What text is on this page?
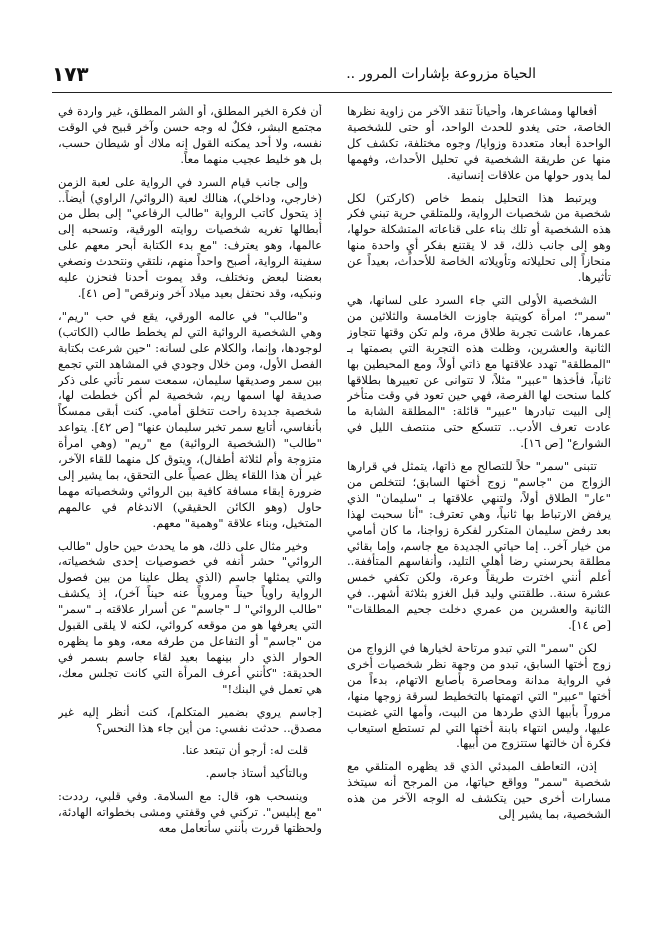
١٧٣	الحياة مزروعة بإشارات المرور ..

أفعالها ومشاعرها، وأحياناً تنقد الآخر من زاوية نظرها الخاصة، حتى يغدو للحدث الواحد، أو حتى للشخصية الواحدة أبعاد متعددة وزوايا/ وجوه مختلفة، تكشف كل منها عن طريقة الشخصية في تحليل الأحداث، وفهمها لما يدور حولها من علاقات إنسانية.

ويرتبط هذا التحليل بنمط خاص (كاركتر) لكل شخصية من شخصيات الرواية، وللمتلقي حرية تبني فكر هذه الشخصية أو تلك بناء على قناعاته المتشكلة حولها، وهو إلى جانب ذلك، قد لا يقتنع بفكر أيٍ واحدة منها منحازاً إلى تحليلاته وتأويلاته الخاصة للأحداث، بعيداً عن تأثيرها.

الشخصية الأولى التي جاء السرد على لسانها، هي "سمر"؛ امرأة كويتية جاوزت الخامسة والثلاثين من عمرها، عاشت تجربة طلاق مرة، ولم تكن وقتها تتجاوز الثانية والعشرين، وظلت هذه التجربة التي بصمتها بـ "المطلقة" تهدد علاقتها مع ذاتي أولاً، ومع المحيطين بها ثانياً، فأخذها "عبير" مثلاً، لا تتوانى عن تعييرها بطلاقها كلما سنحت لها الفرصة، فهي حين تعود في وقت متأخر إلى البيت تبادرها "عبير" قائلة: "المطلقة الشابة ما عادت تعرف الأدب.. تتسكع حتى منتصف الليل في الشوارع" [ص ١٦].

تتبنى "سمر" حلاً للتصالح مع ذاتها، يتمثل في قرارها الزواج من "جاسم" زوج أختها السابق؛ لتتخلص من "عار" الطلاق أولاً، ولتنهي علاقتها بـ "سليمان" الذي يرفض الارتباط بها ثانياً، وهي تعترف: "أنا سحبت لهذا بعد رفض سليمان المتكرر لفكرة زواجنا، ما كان أمامي من خيار آخر.. إما حياتي الجديدة مع جاسم، وإما بقائي مطلقة بحرسني رضا أهلي التليد، وأنفاسهم المتأففة.. أعلم أنني اخترت طريقاً وعرة، ولكن تكفي خمس عشرة سنة.. طلقتني وليد قبل الغزو بثلاثة أشهر.. في الثانية والعشرين من عمري دخلت جحيم المطلقات" [ص ١٤].

لكن "سمر" التي تبدو مرتاحة لخيارها في الزواج من زوج أختها السابق، تبدو من وجهة نظر شخصيات أخرى في الرواية مدانة ومحاصرة بأصابع الاتهام، بدءاً من أختها "عبير" التي اتهمتها بالتخطيط لسرقة زوجها منها، مروراً بأبيها الذي طردها من البيت، وأمها التي غضبت عليها، وليس انتهاء بابنة أختها التي لم تستطع استيعاب فكرة أن خالتها ستتزوج من أبيها.

إذن، التعاطف المبدئي الذي قد يظهره المتلقي مع شخصية "سمر" وواقع حياتها، من المرجح أنه سيتخذ مسارات أخرى حين يتكشف له الوجه الآخر من هذه الشخصية، بما يشير إلى

أن فكرة الخير المطلق، أو الشر المطلق، غير واردة في مجتمع البشر، فكلٌ له وجه حسن وآخر قبيح في الوقت نفسه، ولا أحد يمكنه القول إنه ملاك أو شيطان حسب، بل هو خليط عجيب منهما معاً.

وإلى جانب قيام السرد في الرواية على لعبة الزمن (خارجي، وداخلي)، هنالك لعبة (الروائي/ الراوي) أيضاً.. إذ يتحول كاتب الرواية "طالب الرفاعي" إلى بطل من أبطالها تغريه شخصيات روايته الورقية، وتسحبه إلى عالمها، وهو يعترف: "مع بدء الكتابة أبحر معهم على سفينة الرواية، أصبح واحداً منهم، نلتقي ونتحدث ونصغي بعضنا لبعض ونختلف، وقد يموت أحدنا فنحزن عليه ونبكيه، وقد نحتفل بعيد ميلاد آخر ونرقص" [ص ٤١].

و"طالب" في عالمه الورقي، يقع في حب "ريم"، وهي الشخصية الروائية التي لم يخطط طالب (الكاتب) لوجودها، وإنما، والكلام على لسانه: "حين شرعت بكتابة الفصل الأول، ومن خلال وجودي في المشاهد التي تجمع بين سمر وصديقها سليمان، سمعت سمر تأتي على ذكر صديقة لها اسمها ريم، شخصية لم أكن خططت لها، شخصية جديدة راحت تتخلق أمامي. كنت أبقى ممسكاً بأنفاسي، أتابع سمر تخبر سليمان عنها" [ص ٤٢]. يتواعد "طالب" (الشخصية الروائية) مع "ريم" (وهي امرأة متزوجة وأم لثلاثة أطفال)، ويتوق كل منهما للقاء الآخر، غير أن هذا اللقاء يظل عصياً على التحقق، بما يشير إلى ضرورة إبقاء مسافة كافية بين الروائي وشخصياته مهما حاول (وهو الكائن الحقيقي) الاندغام في عالمهم المتخيل، وبناء علاقة "وهمية" معهم.

وخير مثال على ذلك، هو ما يحدث حين حاول "طالب الروائي" حشر أنفه في خصوصيات إحدى شخصياته، والتي يمثلها جاسم (الذي يطل علينا من بين فصول الرواية راوياً حيناً ومروياً عنه حيناً آخر)، إذ يكشف "طالب الروائي" لـ "جاسم" عن أسرار علاقته بـ "سمر" التي يعرفها هو من موقعه كروائي، لكنه لا يلقى القبول من "جاسم" أو التفاعل من طرفه معه، وهو ما يظهره الحوار الذي دار بينهما بعيد لقاء جاسم بسمر في الحديقة: "كأنني أعرف المرأة التي كانت تجلس معك، هي تعمل في البنك!"

[جاسم يروي بضمير المتكلم]، كنت أنظر إليه غير مصدق.. حدثت نفسي: من أين جاء هذا النحس؟

قلت له: أرجو أن تبتعد عنا.

وبالتأكيد أستاذ جاسم.

وينسحب هو، قال: مع السلامة. وفي قلبي، رددت: "مع إبليس". تركني في وقفتي ومشى بخطواته الهادئة، ولحظتها قررت بأنني سأتعامل معه
